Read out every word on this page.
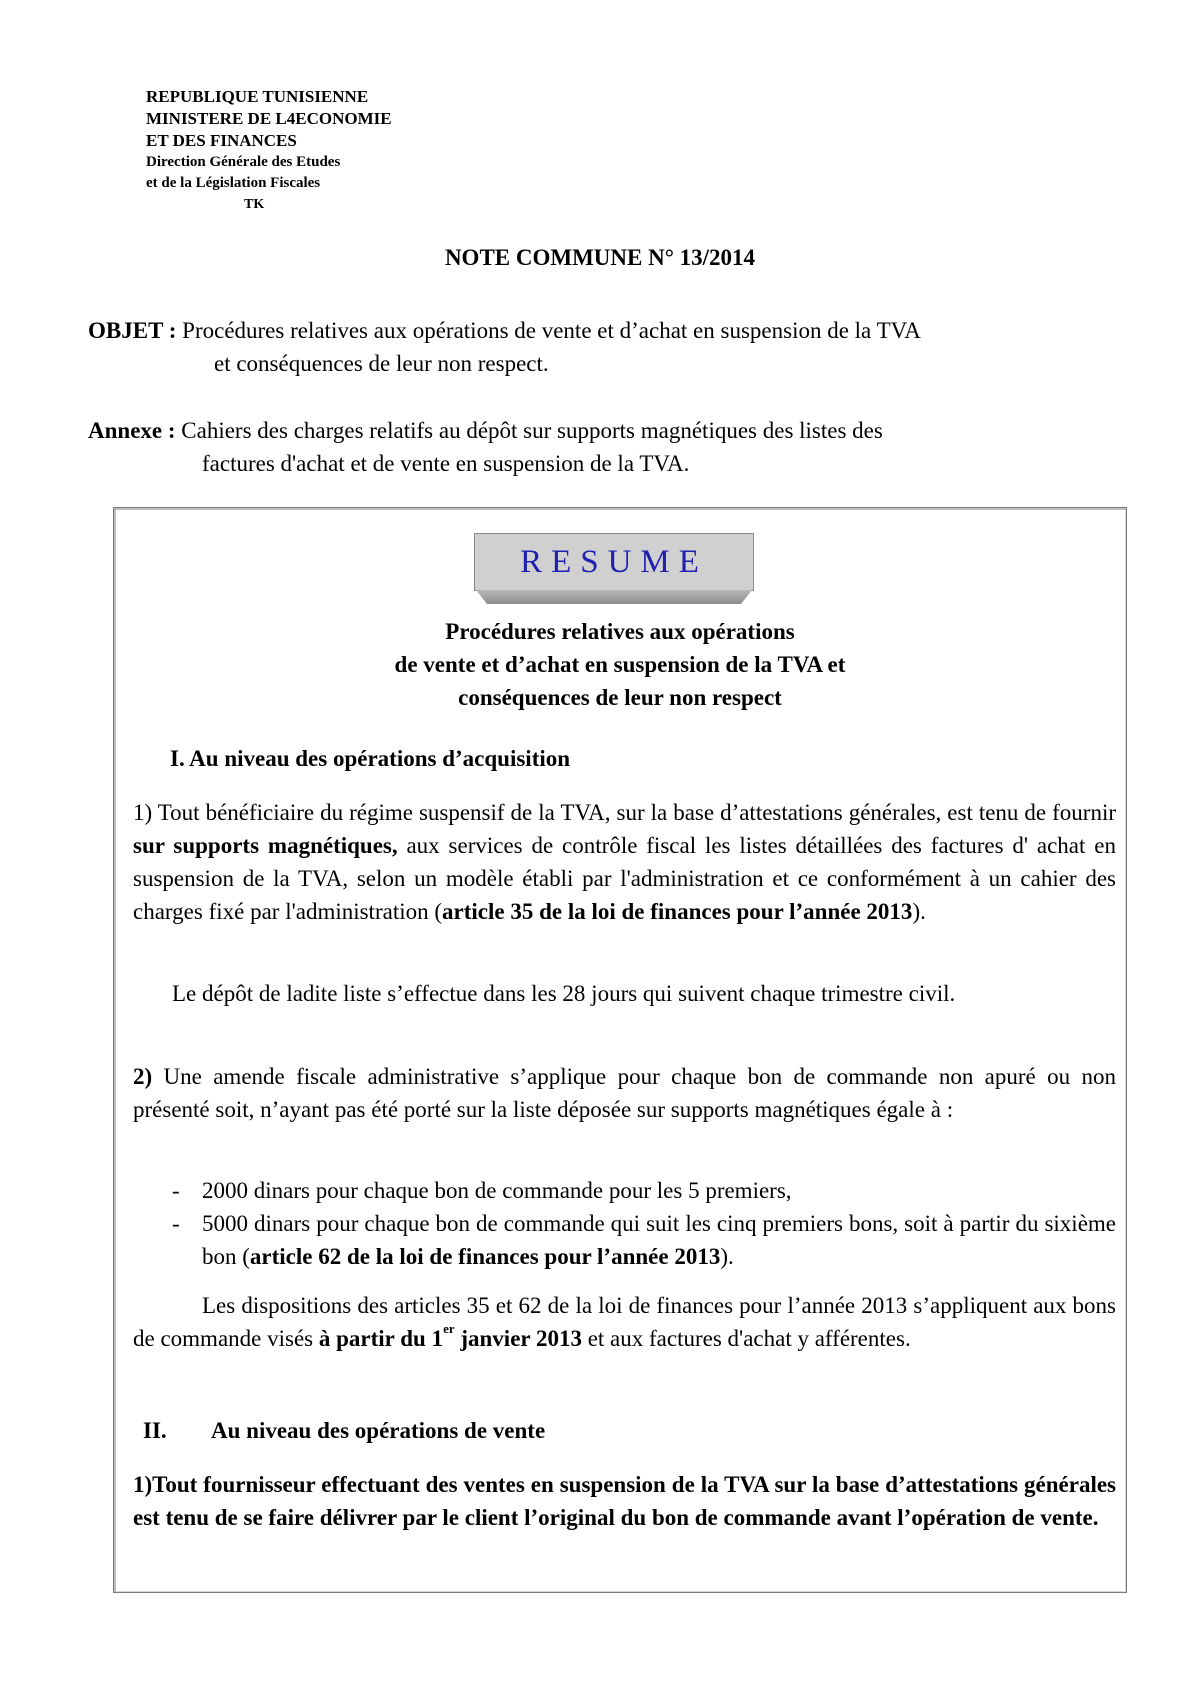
REPUBLIQUE TUNISIENNE
MINISTERE DE L4ECONOMIE
ET DES FINANCES
Direction Générale des Etudes
et de la Législation Fiscales
TK
NOTE COMMUNE N° 13/2014
OBJET : Procédures relatives aux opérations de vente et d’achat en suspension de la TVA
et conséquences de leur non respect.
Annexe : Cahiers des charges relatifs au dépôt sur supports magnétiques des listes des
factures d'achat et de vente en suspension de la TVA.
RESUME
Procédures relatives aux opérations
de vente et d’achat en suspension de la TVA et
conséquences de leur non respect
I. Au niveau des opérations d’acquisition
1) Tout bénéficiaire du régime suspensif de la TVA, sur la base d’attestations générales, est tenu de fournir sur supports magnétiques, aux services de contrôle fiscal les listes détaillées des factures d' achat en suspension de la TVA, selon un modèle établi par l'administration et ce conformément à un cahier des charges fixé par l'administration (article 35 de la loi de finances pour l’année 2013).
Le dépôt de ladite liste s’effectue dans les 28 jours qui suivent chaque trimestre civil.
2) Une amende fiscale administrative s’applique pour chaque bon de commande non apuré ou non présenté soit, n’ayant pas été porté sur la liste déposée sur supports magnétiques égale à :
- 2000 dinars pour chaque bon de commande pour les 5 premiers,
- 5000 dinars pour chaque bon de commande qui suit les cinq premiers bons, soit à partir du sixième bon (article 62 de la loi de finances pour l’année 2013).
Les dispositions des articles 35 et 62 de la loi de finances pour l’année 2013 s’appliquent aux bons de commande visés à partir du 1er janvier 2013 et aux factures d'achat y afférentes.
II. Au niveau des opérations de vente
1)Tout fournisseur effectuant des ventes en suspension de la TVA sur la base d’attestations générales est tenu de se faire délivrer par le client l’original du bon de commande avant l’opération de vente.
